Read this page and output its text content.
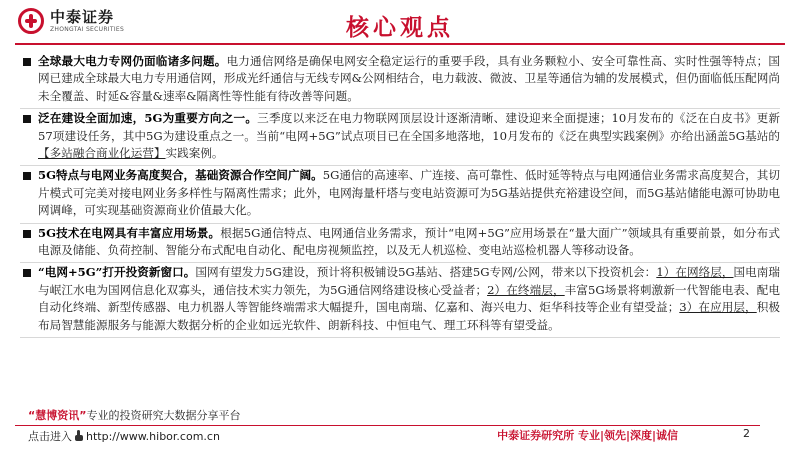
中泰证券
ZHONGTAI SECURITIES	核心观点
全球最大电力专网仍面临诸多问题。电力通信网络是确保电网安全稳定运行的重要手段，具有业务颗粒小、安全可靠性高、实时性强等特点；国网已建成全球最大电力专用通信网，形成光纤通信与无线专网&公网相结合，电力载波、微波、卫星等通信为辅的发展模式，但仍面临低压配网尚未全覆盖、时延&容量&速率&隔离性等性能有待改善等问题。
泛在建设全面加速，5G为重要方向之一。三季度以来泛在电力物联网顶层设计逐渐清晰、建设迎来全面提速；10月发布的《泛在白皮书》更新57项建设任务，其中5G为建设重点之一。当前“电网+5G”试点项目已在全国多地落地，10月发布的《泛在典型实践案例》亦给出涵盖5G基站的【多站融合商业化运营】实践案例。
5G特点与电网业务高度契合，基础资源合作空间广阔。5G通信的高速率、广连接、高可靠性、低时延等特点与电网通信业务需求高度契合，其切片模式可完美对接电网业务多样性与隔离性需求；此外，电网海量杆塔与变电站资源可为5G基站提供充裕建设空间，而5G基站储能电源可协助电网调峰，可实现基础资源商业价值最大化。
5G技术在电网具有丰富应用场景。根据5G通信特点、电网通信业务需求，预计“电网+5G”应用场景在“量大面广”领域具有重要前景，如分布式电源及储能、负荷控制、智能分布式配电自动化、配电房视频监控，以及无人机巡检、变电站巡检机器人等移动设备。
“电网+5G”打开投资新窗口。国网有望发力5G建设，预计将积极铺设5G基站、搭建5G专网/公网，带来以下投资机会：1）在网络层，国电南瑞与岷江水电为国网信息化双寡头，通信技术实力领先，为5G通信网络建设核心受益者；2）在终端层，丰富5G场景将刺激新一代智能电表、配电自动化终端、新型传感器、电力机器人等智能终端需求大幅提升，国电南瑞、亿嘉和、海兴电力、炬华科技等企业有望受益；3）在应用层，积极布局智慧能源服务与能源大数据分析的企业如远光软件、朗新科技、中恒电气、理工环科等有望受益。
“慧博资讯”专业的投资研究大数据分享平台
点击进入 http://www.hibor.com.cn	中泰证券研究所 专业|领先|深度|诚信	2
